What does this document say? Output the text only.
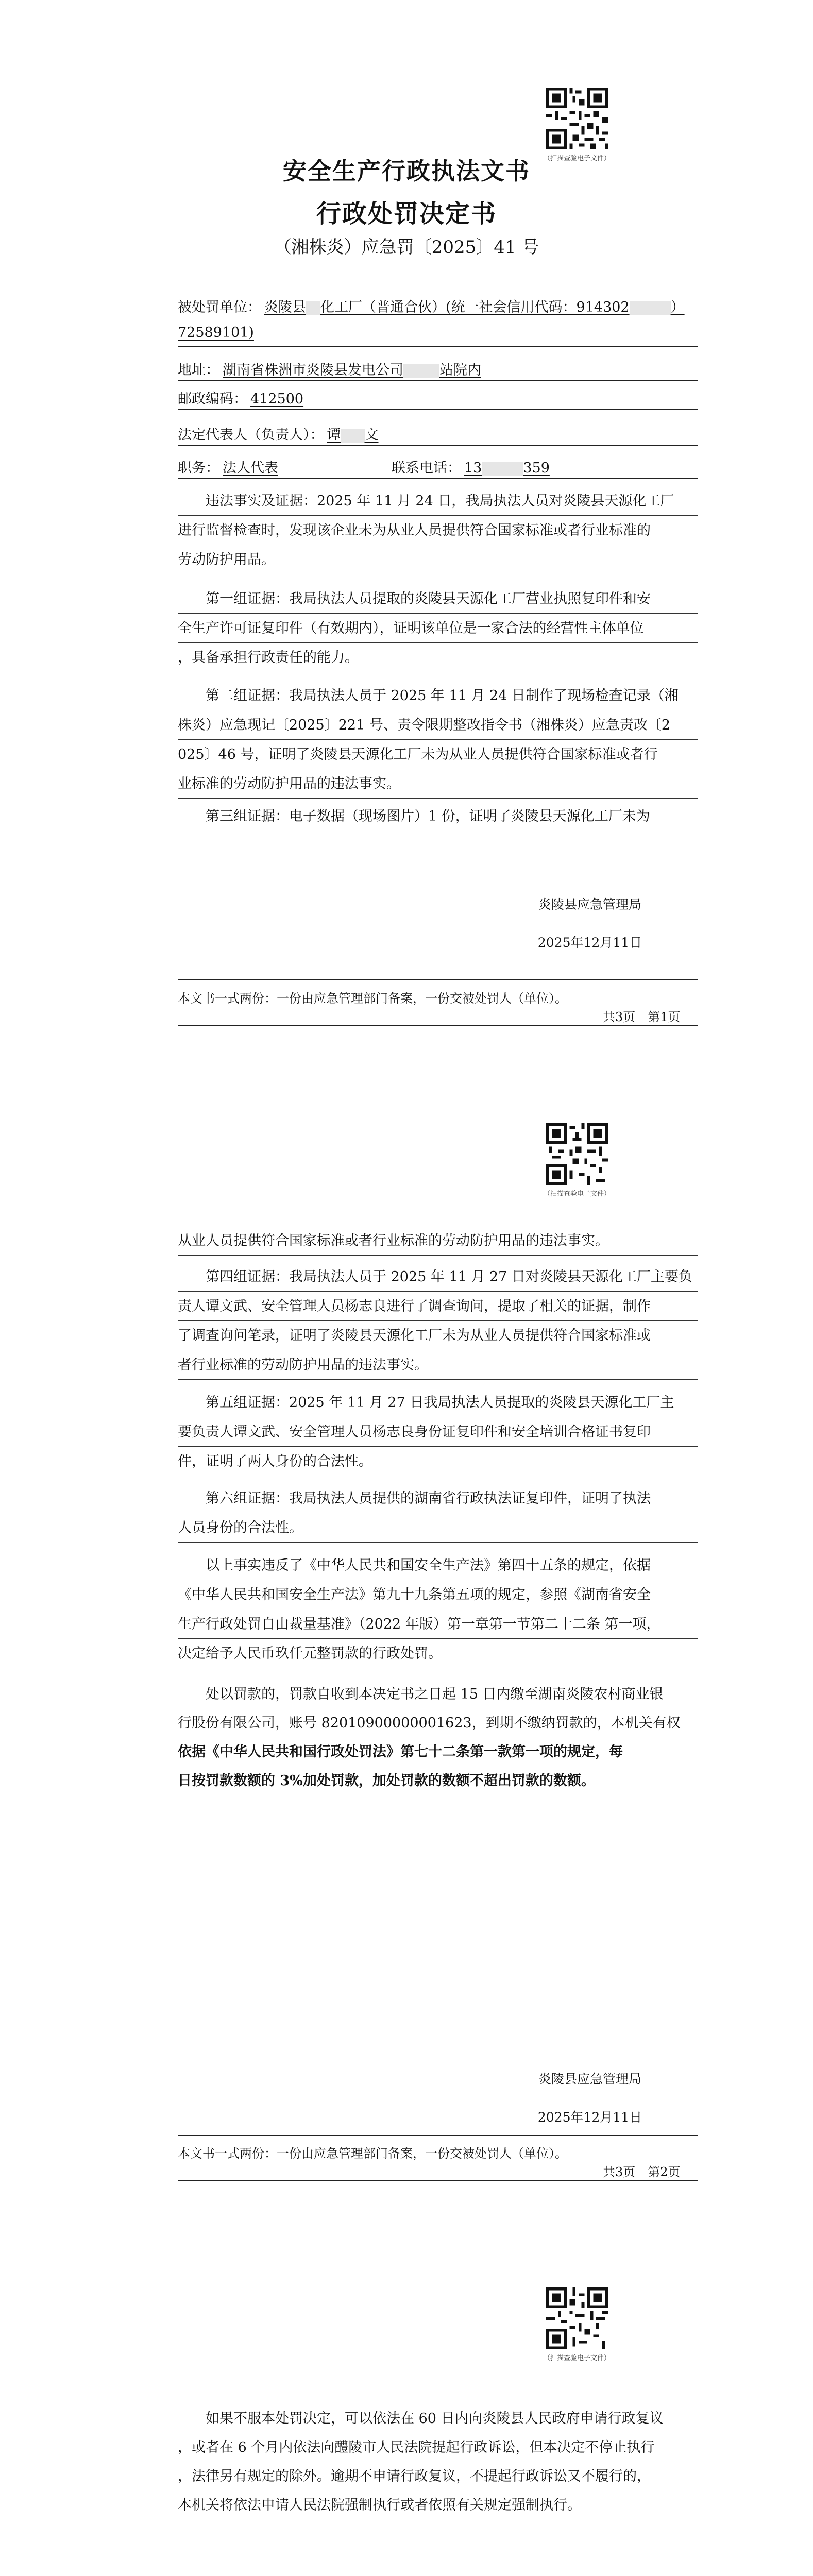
（扫描查验电子文件）
安全生产行政执法文书
行政处罚决定书
（湘株炎）应急罚〔2025〕41 号
被处罚单位： 炎陵县 化工厂（普通合伙）(统一社会信用代码：914302	）
72589101)
地址： 湖南省株洲市炎陵县发电公司	站院内
邮政编码： 412500
法定代表人（负责人）： 谭 文
职务： 法人代表	联系电话： 13	359
违法事实及证据：2025 年 11 月 24 日，我局执法人员对炎陵县天源化工厂
进行监督检查时，发现该企业未为从业人员提供符合国家标准或者行业标准的
劳动防护用品。
第一组证据：我局执法人员提取的炎陵县天源化工厂营业执照复印件和安
全生产许可证复印件（有效期内），证明该单位是一家合法的经营性主体单位
，具备承担行政责任的能力。
第二组证据：我局执法人员于 2025 年 11 月 24 日制作了现场检查记录（湘
株炎）应急现记〔2025〕221 号、责令限期整改指令书（湘株炎）应急责改〔2
025〕46 号，证明了炎陵县天源化工厂未为从业人员提供符合国家标准或者行
业标准的劳动防护用品的违法事实。
第三组证据：电子数据（现场图片）1 份，证明了炎陵县天源化工厂未为
炎陵县应急管理局
2025年12月11日
本文书一式两份：一份由应急管理部门备案，一份交被处罚人（单位）。
共3页　第1页
（扫描查验电子文件）
从业人员提供符合国家标准或者行业标准的劳动防护用品的违法事实。
第四组证据：我局执法人员于 2025 年 11 月 27 日对炎陵县天源化工厂主要负
责人谭文武、安全管理人员杨志良进行了调查询问，提取了相关的证据，制作
了调查询问笔录，证明了炎陵县天源化工厂未为从业人员提供符合国家标准或
者行业标准的劳动防护用品的违法事实。
第五组证据：2025 年 11 月 27 日我局执法人员提取的炎陵县天源化工厂主
要负责人谭文武、安全管理人员杨志良身份证复印件和安全培训合格证书复印
件，证明了两人身份的合法性。
第六组证据：我局执法人员提供的湖南省行政执法证复印件，证明了执法
人员身份的合法性。
以上事实违反了《中华人民共和国安全生产法》第四十五条的规定，依据
《中华人民共和国安全生产法》第九十九条第五项的规定，参照《湖南省安全
生产行政处罚自由裁量基准》（2022 年版）第一章第一节第二十二条 第一项，
决定给予人民币玖仟元整罚款的行政处罚。
处以罚款的，罚款自收到本决定书之日起 15 日内缴至湖南炎陵农村商业银
行股份有限公司，账号 82010900000001623，到期不缴纳罚款的，本机关有权
依据《中华人民共和国行政处罚法》第七十二条第一款第一项的规定，每
日按罚款数额的 3%加处罚款，加处罚款的数额不超出罚款的数额。
炎陵县应急管理局
2025年12月11日
本文书一式两份：一份由应急管理部门备案，一份交被处罚人（单位）。
共3页　第2页
（扫描查验电子文件）
如果不服本处罚决定，可以依法在 60 日内向炎陵县人民政府申请行政复议
，或者在 6 个月内依法向醴陵市人民法院提起行政诉讼，但本决定不停止执行
，法律另有规定的除外。逾期不申请行政复议，不提起行政诉讼又不履行的，
本机关将依法申请人民法院强制执行或者依照有关规定强制执行。
